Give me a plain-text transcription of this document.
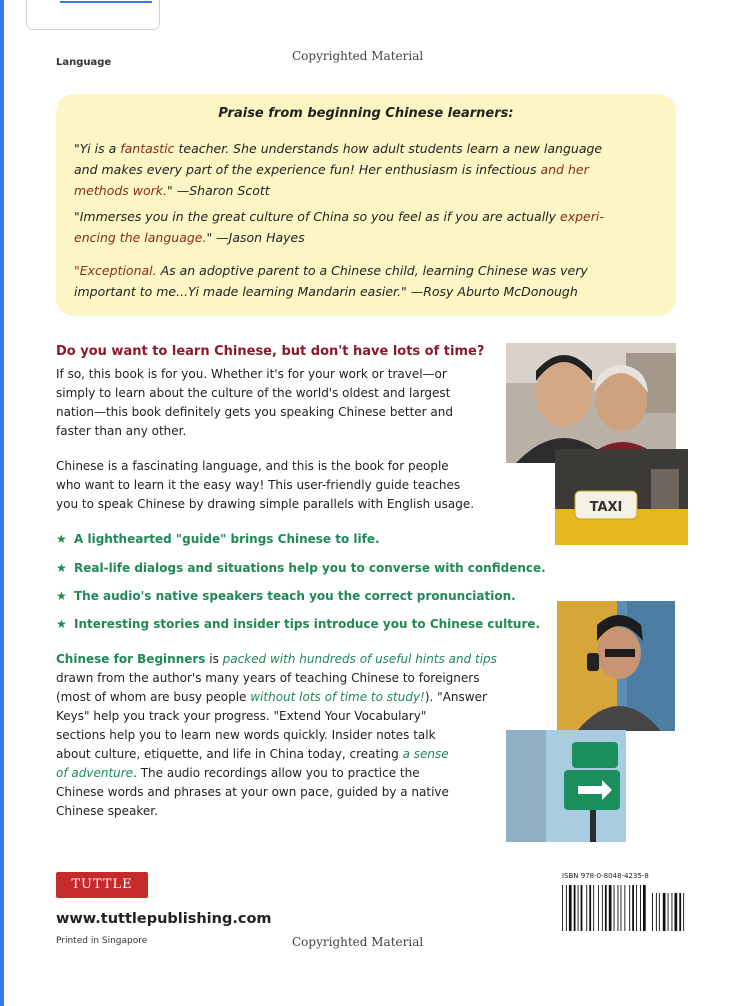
Language	Copyrighted Material
Praise from beginning Chinese learners:
"Yi is a fantastic teacher. She understands how adult students learn a new language
and makes every part of the experience fun! Her enthusiasm is infectious and her
methods work." —Sharon Scott
"Immerses you in the great culture of China so you feel as if you are actually experi-
encing the language." —Jason Hayes
"Exceptional. As an adoptive parent to a Chinese child, learning Chinese was very
important to me...Yi made learning Mandarin easier." —Rosy Aburto McDonough
Do you want to learn Chinese, but don't have lots of time?
If so, this book is for you. Whether it's for your work or travel—or
simply to learn about the culture of the world's oldest and largest
nation—this book definitely gets you speaking Chinese better and
faster than any other.
Chinese is a fascinating language, and this is the book for people
who want to learn it the easy way! This user-friendly guide teaches
you to speak Chinese by drawing simple parallels with English usage.	TAXI
★ A lighthearted "guide" brings Chinese to life.
★ Real-life dialogs and situations help you to converse with confidence.
★ The audio's native speakers teach you the correct pronunciation.
★ Interesting stories and insider tips introduce you to Chinese culture.
Chinese for Beginners is packed with hundreds of useful hints and tips
drawn from the author's many years of teaching Chinese to foreigners
(most of whom are busy people without lots of time to study!). "Answer
Keys" help you track your progress. "Extend Your Vocabulary"
sections help you to learn new words quickly. Insider notes talk
about culture, etiquette, and life in China today, creating a sense
of adventure. The audio recordings allow you to practice the
Chinese words and phrases at your own pace, guided by a native
Chinese speaker.
TUTTLE
www.tuttlepublishing.com
Printed in Singapore	Copyrighted Material
ISBN 978-0-8048-4235-8
